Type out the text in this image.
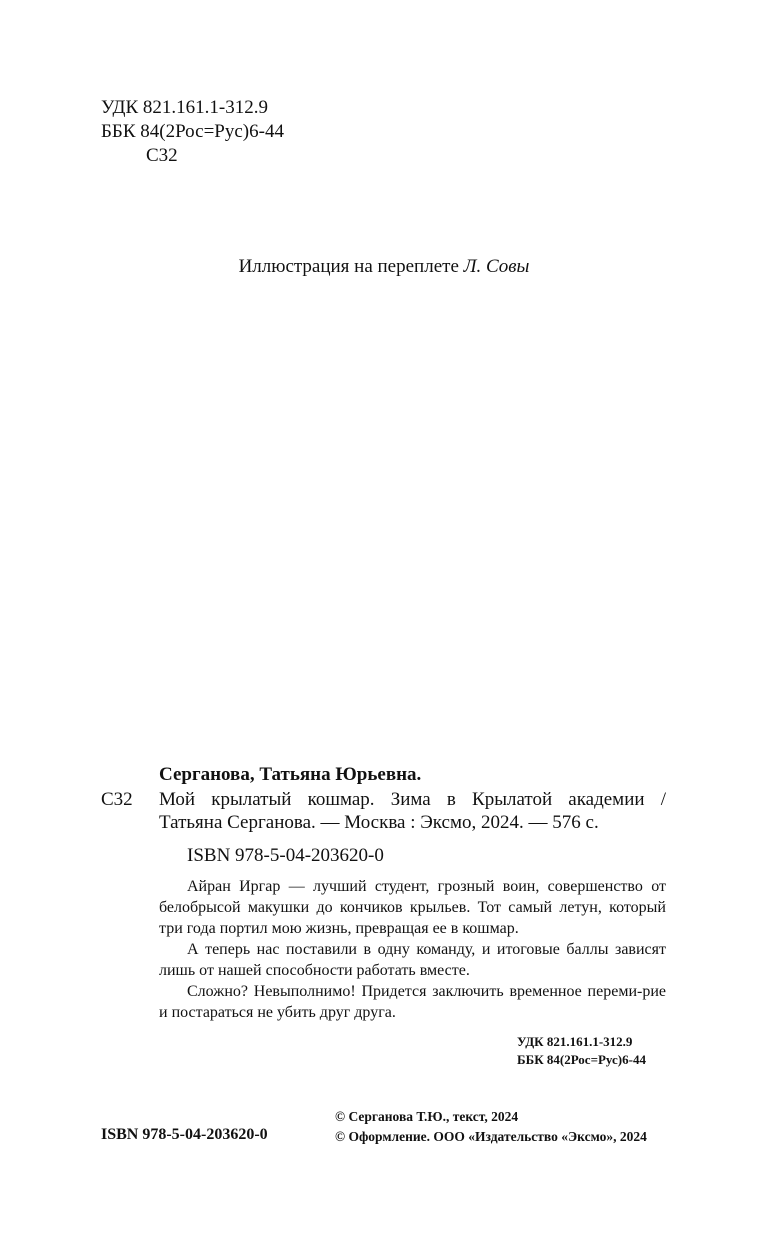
УДК 821.161.1-312.9
ББК 84(2Рос=Рус)6-44
С32
Иллюстрация на переплете Л. Совы
Серганова, Татьяна Юрьевна.
С32 Мой крылатый кошмар. Зима в Крылатой академии /
Татьяна Серганова. — Москва : Эксмо, 2024. — 576 с.
ISBN 978-5-04-203620-0

Айран Иргар — лучший студент, грозный воин, совершенство от белобрысой макушки до кончиков крыльев. Тот самый летун, который три года портил мою жизнь, превращая ее в кошмар.

А теперь нас поставили в одну команду, и итоговые баллы зависят лишь от нашей способности работать вместе.

Сложно? Невыполнимо! Придется заключить временное переми-рие и постараться не убить друг друга.

УДК 821.161.1-312.9
ББК 84(2Рос=Рус)6-44
ISBN 978-5-04-203620-0
© Серганова Т.Ю., текст, 2024
© Оформление. ООО «Издательство «Эксмо», 2024
